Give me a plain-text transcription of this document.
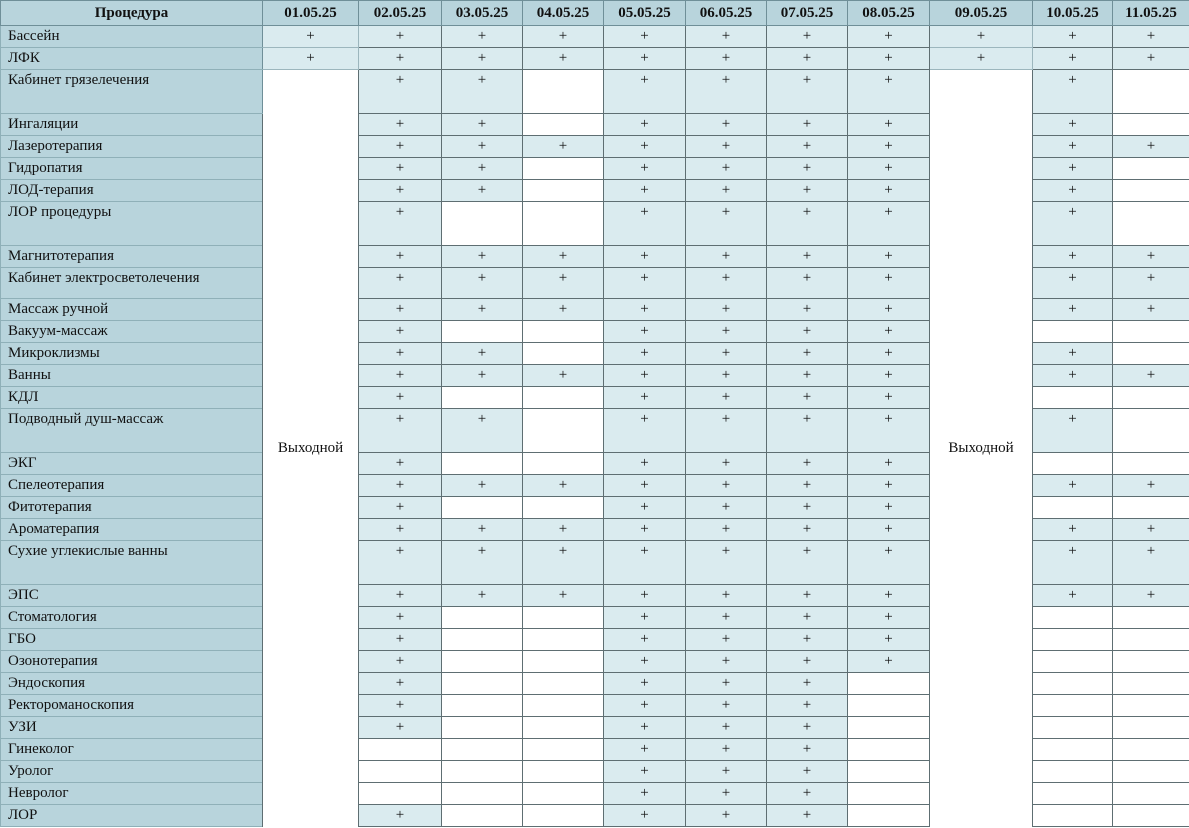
Процедура	01.05.25	02.05.25	03.05.25	04.05.25	05.05.25	06.05.25	07.05.25	08.05.25	09.05.25	10.05.25	11.05.25
Бассейн	+	+	+	+	+	+	+	+	+	+	+
ЛФК	+	+	+	+	+	+	+	+	+	+	+
Кабинет грязелечения	Выходной	+	+		+	+	+	+	Выходной	+	
Ингаляции		+	+		+	+	+	+		+	
Лазеротерапия		+	+	+	+	+	+	+		+	+
Гидропатия		+	+		+	+	+	+		+	
ЛОД-терапия		+	+		+	+	+	+		+	
ЛОР процедуры		+			+	+	+	+		+	
Магнитотерапия		+	+	+	+	+	+	+		+	+
Кабинет электросветолечения		+	+	+	+	+	+	+		+	+
Массаж ручной		+	+	+	+	+	+	+		+	+
Вакуум-массаж		+			+	+	+	+			
Микроклизмы		+	+		+	+	+	+		+	
Ванны		+	+	+	+	+	+	+		+	+
КДЛ		+			+	+	+	+			
Подводный душ-массаж		+	+		+	+	+	+		+	
ЭКГ		+			+	+	+	+			
Спелеотерапия		+	+	+	+	+	+	+		+	+
Фитотерапия		+			+	+	+	+			
Ароматерапия		+	+	+	+	+	+	+		+	+
Сухие углекислые ванны		+	+	+	+	+	+	+		+	+
ЭПС		+	+	+	+	+	+	+		+	+
Стоматология		+			+	+	+	+			
ГБО		+			+	+	+	+			
Озонотерапия		+			+	+	+	+			
Эндоскопия		+			+	+	+				
Ректороманоскопия		+			+	+	+				
УЗИ		+			+	+	+				
Гинеколог					+	+	+				
Уролог					+	+	+				
Невролог					+	+	+				
ЛОР		+			+	+	+				
